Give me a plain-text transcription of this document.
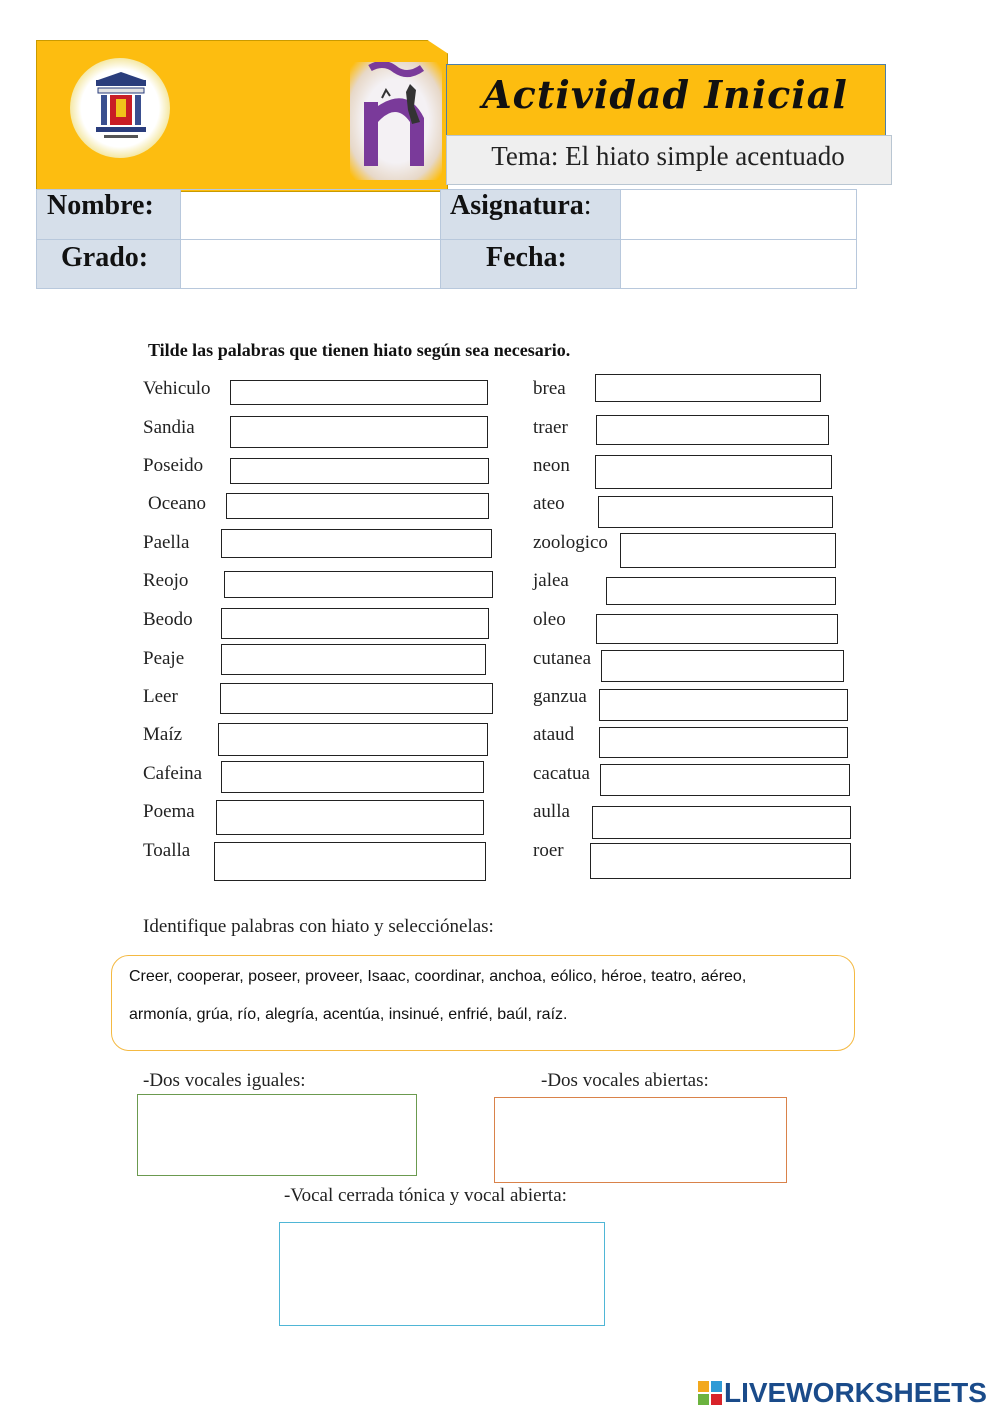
Actividad Inicial
Tema: El hiato simple acentuado
Nombre:	Asignatura:
Grado:	Fecha:
Tilde las palabras que tienen hiato según sea necesario.
Vehiculo
Sandia
Poseido
Oceano
Paella
Reojo
Beodo
Peaje
Leer
Maíz
Cafeina
Poema
Toalla
brea
traer
neon
ateo
zoologico
jalea
oleo
cutanea
ganzua
ataud
cacatua
aulla
roer
Identifique palabras con hiato y selecciónelas:
Creer, cooperar, poseer, proveer, Isaac, coordinar, anchoa, eólico, héroe, teatro, aéreo,
armonía, grúa, río, alegría, acentúa, insinué, enfrié, baúl, raíz.
-Dos vocales iguales:	-Dos vocales abiertas:
-Vocal cerrada tónica y vocal abierta:
LIVEWORKSHEETS
